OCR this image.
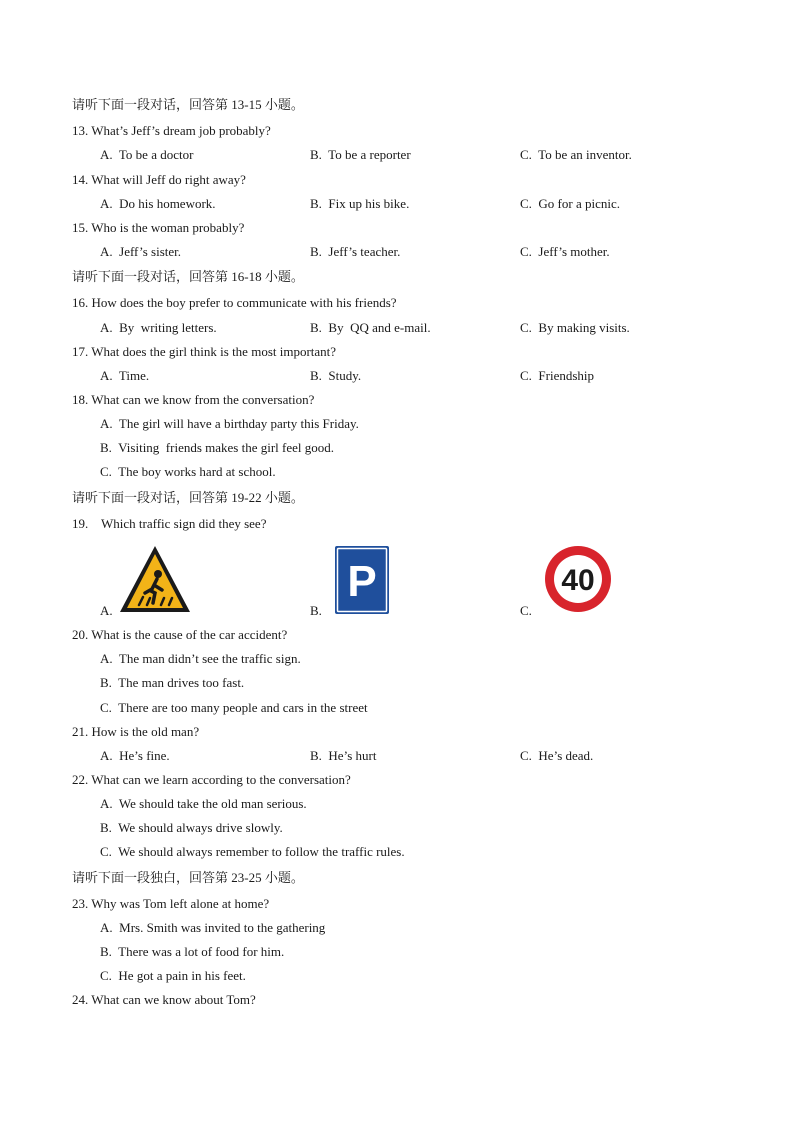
请听下面一段对话，回答第 13-15 小题。
13. What’s Jeff’s dream job probably?
A.  To be a doctor	B.  To be a reporter	C.  To be an inventor.
14. What will Jeff do right away?
A.  Do his homework.	B.  Fix up his bike.	C.  Go for a picnic.
15. Who is the woman probably?
A.  Jeff’s sister.	B.  Jeff’s teacher.	C.  Jeff’s mother.
请听下面一段对话，回答第 16-18 小题。
16. How does the boy prefer to communicate with his friends?
A.  By  writing letters.	B.  By  QQ and e-mail.	C.  By making visits.
17. What does the girl think is the most important?
A.  Time.	B.  Study.	C.  Friendship
18. What can we know from the conversation?
A.  The girl will have a birthday party this Friday.
B.  Visiting  friends makes the girl feel good.
C.  The boy works hard at school.
请听下面一段对话，回答第 19-22 小题。
19.    Which traffic sign did they see?
P	40
A.	B.	C.
20. What is the cause of the car accident?
A.  The man didn’t see the traffic sign.
B.  The man drives too fast.
C.  There are too many people and cars in the street
21. How is the old man?
A.  He’s fine.	B.  He’s hurt	C.  He’s dead.
22. What can we learn according to the conversation?
A.  We should take the old man serious.
B.  We should always drive slowly.
C.  We should always remember to follow the traffic rules.
请听下面一段独白，回答第 23-25 小题。
23. Why was Tom left alone at home?
A.  Mrs. Smith was invited to the gathering
B.  There was a lot of food for him.
C.  He got a pain in his feet.
24. What can we know about Tom?
